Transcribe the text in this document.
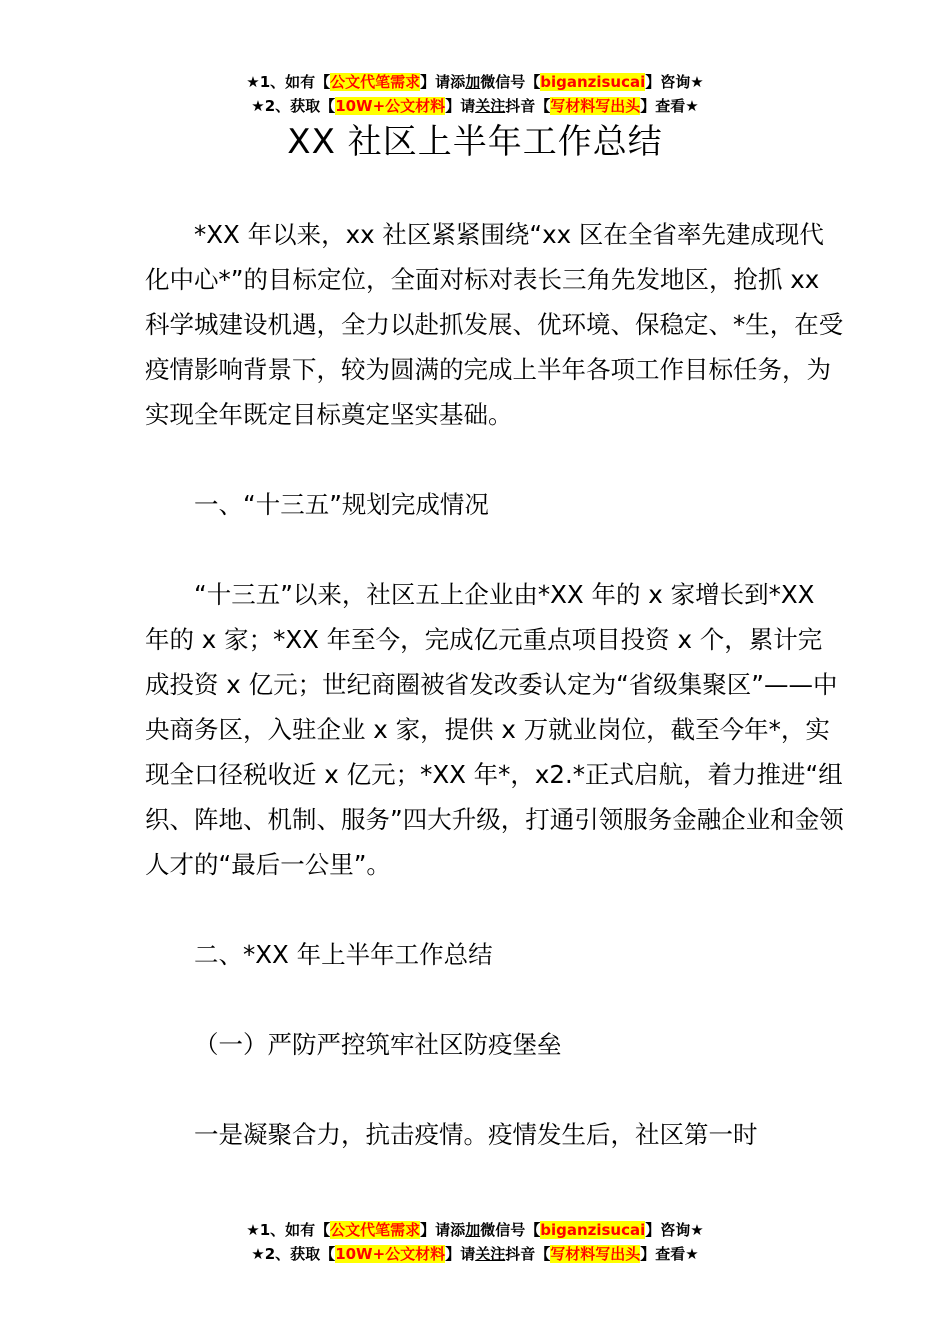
★1、如有【公文代笔需求】请添加微信号【biganzisucai】咨询★
★2、获取【10W+公文材料】请关注抖音【写材料写出头】查看★
XX 社区上半年工作总结

*XX 年以来，xx 社区紧紧围绕“xx 区在全省率先建成现代化中心*”的目标定位，全面对标对表长三角先发地区，抢抓 xx 科学城建设机遇，全力以赴抓发展、优环境、保稳定、*生，在受疫情影响背景下，较为圆满的完成上半年各项工作目标任务，为实现全年既定目标奠定坚实基础。

一、“十三五”规划完成情况

“十三五”以来，社区五上企业由*XX 年的 x 家增长到*XX 年的 x 家；*XX 年至今，完成亿元重点项目投资 x 个，累计完成投资 x 亿元；世纪商圈被省发改委认定为“省级集聚区”——中央商务区，入驻企业 x 家，提供 x 万就业岗位，截至今年*，实现全口径税收近 x 亿元；*XX 年*，x2.*正式启航，着力推进“组织、阵地、机制、服务”四大升级，打通引领服务金融企业和金领人才的“最后一公里”。

二、*XX 年上半年工作总结

（一）严防严控筑牢社区防疫堡垒

一是凝聚合力，抗击疫情。疫情发生后，社区第一时

★1、如有【公文代笔需求】请添加微信号【biganzisucai】咨询★
★2、获取【10W+公文材料】请关注抖音【写材料写出头】查看★
